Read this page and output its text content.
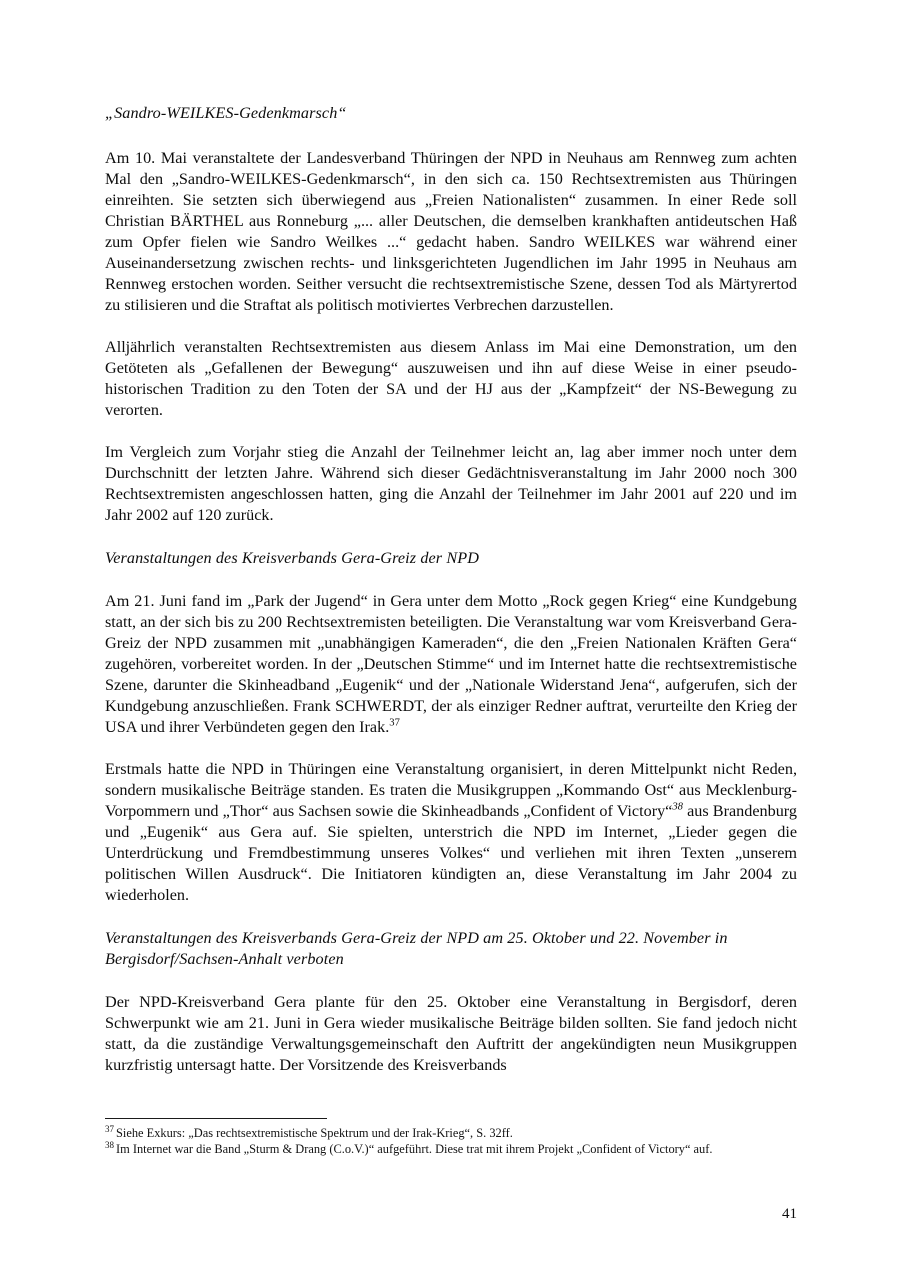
„Sandro-WEILKES-Gedenkmarsch“

Am 10. Mai veranstaltete der Landesverband Thüringen der NPD in Neuhaus am Rennweg zum achten Mal den „Sandro-WEILKES-Gedenkmarsch“, in den sich ca. 150 Rechtsextremisten aus Thüringen einreihten. Sie setzten sich überwiegend aus „Freien Nationalisten“ zusammen. In einer Rede soll Christian BÄRTHEL aus Ronneburg „... aller Deutschen, die demselben krankhaften antideutschen Haß zum Opfer fielen wie Sandro Weilkes ...“ gedacht haben. Sandro WEILKES war während einer Auseinandersetzung zwischen rechts- und linksgerichteten Jugendlichen im Jahr 1995 in Neuhaus am Rennweg erstochen worden. Seither versucht die rechtsextremistische Szene, dessen Tod als Märtyrertod zu stilisieren und die Straftat als politisch motiviertes Verbrechen darzustellen.

Alljährlich veranstalten Rechtsextremisten aus diesem Anlass im Mai eine Demonstration, um den Getöteten als „Gefallenen der Bewegung“ auszuweisen und ihn auf diese Weise in einer pseudo-historischen Tradition zu den Toten der SA und der HJ aus der „Kampfzeit“ der NS-Bewegung zu verorten.

Im Vergleich zum Vorjahr stieg die Anzahl der Teilnehmer leicht an, lag aber immer noch unter dem Durchschnitt der letzten Jahre. Während sich dieser Gedächtnisveranstaltung im Jahr 2000 noch 300 Rechtsextremisten angeschlossen hatten, ging die Anzahl der Teilnehmer im Jahr 2001 auf 220 und im Jahr 2002 auf 120 zurück.

Veranstaltungen des Kreisverbands Gera-Greiz der NPD

Am 21. Juni fand im „Park der Jugend“ in Gera unter dem Motto „Rock gegen Krieg“ eine Kundgebung statt, an der sich bis zu 200 Rechtsextremisten beteiligten. Die Veranstaltung war vom Kreisverband Gera-Greiz der NPD zusammen mit „unabhängigen Kameraden“, die den „Freien Nationalen Kräften Gera“ zugehören, vorbereitet worden. In der „Deutschen Stimme“ und im Internet hatte die rechtsextremistische Szene, darunter die Skinheadband „Eugenik“ und der „Nationale Widerstand Jena“, aufgerufen, sich der Kundgebung anzuschließen. Frank SCHWERDT, der als einziger Redner auftrat, verurteilte den Krieg der USA und ihrer Verbündeten gegen den Irak.$^{37}$

Erstmals hatte die NPD in Thüringen eine Veranstaltung organisiert, in deren Mittelpunkt nicht Reden, sondern musikalische Beiträge standen. Es traten die Musikgruppen „Kommando Ost“ aus Mecklenburg-Vorpommern und „Thor“ aus Sachsen sowie die Skinheadbands „Confident of Victory“$^{38}$ aus Brandenburg und „Eugenik“ aus Gera auf. Sie spielten, unterstrich die NPD im Internet, „Lieder gegen die Unterdrückung und Fremdbestimmung unseres Volkes“ und verliehen mit ihren Texten „unserem politischen Willen Ausdruck“. Die Initiatoren kündigten an, diese Veranstaltung im Jahr 2004 zu wiederholen.

Veranstaltungen des Kreisverbands Gera-Greiz der NPD am 25. Oktober und 22. November in Bergisdorf/Sachsen-Anhalt verboten

Der NPD-Kreisverband Gera plante für den 25. Oktober eine Veranstaltung in Bergisdorf, deren Schwerpunkt wie am 21. Juni in Gera wieder musikalische Beiträge bilden sollten. Sie fand jedoch nicht statt, da die zuständige Verwaltungsgemeinschaft den Auftritt der angekündigten neun Musikgruppen kurzfristig untersagt hatte. Der Vorsitzende des Kreisverbands

$^{37}$ Siehe Exkurs: „Das rechtsextremistische Spektrum und der Irak-Krieg“, S. 32ff.

$^{38}$ Im Internet war die Band „Sturm & Drang (C.o.V.)“ aufgeführt. Diese trat mit ihrem Projekt „Confident of Victory“ auf.

41
